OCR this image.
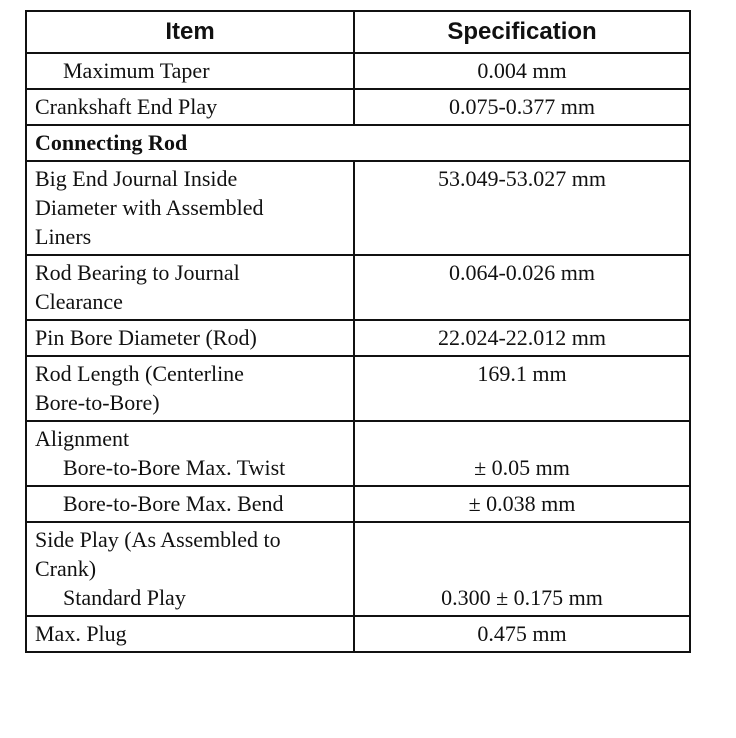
Item	Specification
Maximum Taper	0.004 mm
Crankshaft End Play	0.075-0.377 mm
Connecting Rod	

Big End Journal Inside
Diameter with Assembled
Liners	53.049-53.027 mm

Rod Bearing to Journal
Clearance	0.064-0.026 mm
Pin Bore Diameter (Rod)	22.024-22.012 mm

Rod Length (Centerline
Bore-to-Bore)	169.1 mm

Alignment
Bore-to-Bore Max. Twist	± 0.05 mm

Bore-to-Bore Max. Bend	± 0.038 mm

Side Play (As Assembled to
Crank)
Standard Play	0.300 ± 0.175 mm

Max. Plug	0.475 mm
